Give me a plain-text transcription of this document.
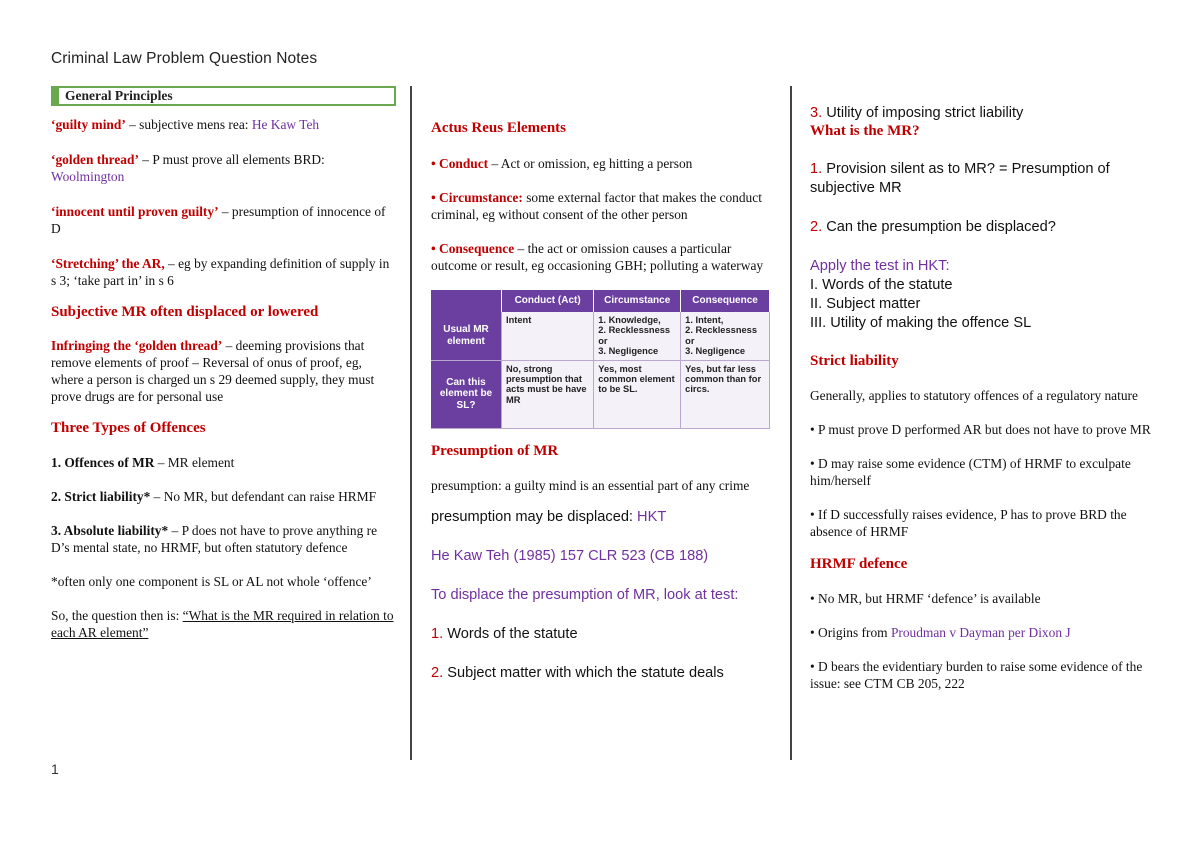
Criminal Law Problem Question Notes
General Principles

‘guilty mind’ – subjective mens rea: He Kaw Teh

‘golden thread’ – P must prove all elements BRD: Woolmington

‘innocent until proven guilty’ – presumption of innocence of D

‘Stretching’ the AR, – eg by expanding definition of supply in s 3; ‘take part in’ in s 6

Subjective MR often displaced or lowered

Infringing the ‘golden thread’ – deeming provisions that remove elements of proof – Reversal of onus of proof, eg, where a person is charged un s 29 deemed supply, they must prove drugs are for personal use

Three Types of Offences

1. Offences of MR – MR element

2. Strict liability* – No MR, but defendant can raise HRMF

3. Absolute liability* – P does not have to prove anything re D’s mental state, no HRMF, but often statutory defence

*often only one component is SL or AL not whole ‘offence’

So, the question then is: “What is the MR required in relation to each AR element”

Actus Reus Elements

• Conduct – Act or omission, eg hitting a person

• Circumstance: some external factor that makes the conduct criminal, eg without consent of the other person

• Consequence – the act or omission causes a particular outcome or result, eg occasioning GBH; polluting a waterway

	Conduct (Act)	Circumstance	Consequence
Usual MR element	Intent	1. Knowledge,
2. Recklessness or
3. Negligence	1. Intent,
2. Recklessness
or
3. Negligence
Can this element be SL?	No, strong presumption that acts must be have MR	Yes, most common element to be SL.	Yes, but far less common than for circs.

Presumption of MR

presumption: a guilty mind is an essential part of any crime

presumption may be displaced: HKT

He Kaw Teh (1985) 157 CLR 523 (CB 188)

To displace the presumption of MR, look at test:

1. Words of the statute

2. Subject matter with which the statute deals

3. Utility of imposing strict liability

What is the MR?

1. Provision silent as to MR? = Presumption of subjective MR

2. Can the presumption be displaced?

Apply the test in HKT:

I. Words of the statute

II. Subject matter

III. Utility of making the offence SL

Strict liability

Generally, applies to statutory offences of a regulatory nature

• P must prove D performed AR but does not have to prove MR

• D may raise some evidence (CTM) of HRMF to exculpate him/herself

• If D successfully raises evidence, P has to prove BRD the absence of HRMF

HRMF defence

• No MR, but HRMF ‘defence’ is available

• Origins from Proudman v Dayman per Dixon J

• D bears the evidentiary burden to raise some evidence of the issue: see CTM CB 205, 222

1
